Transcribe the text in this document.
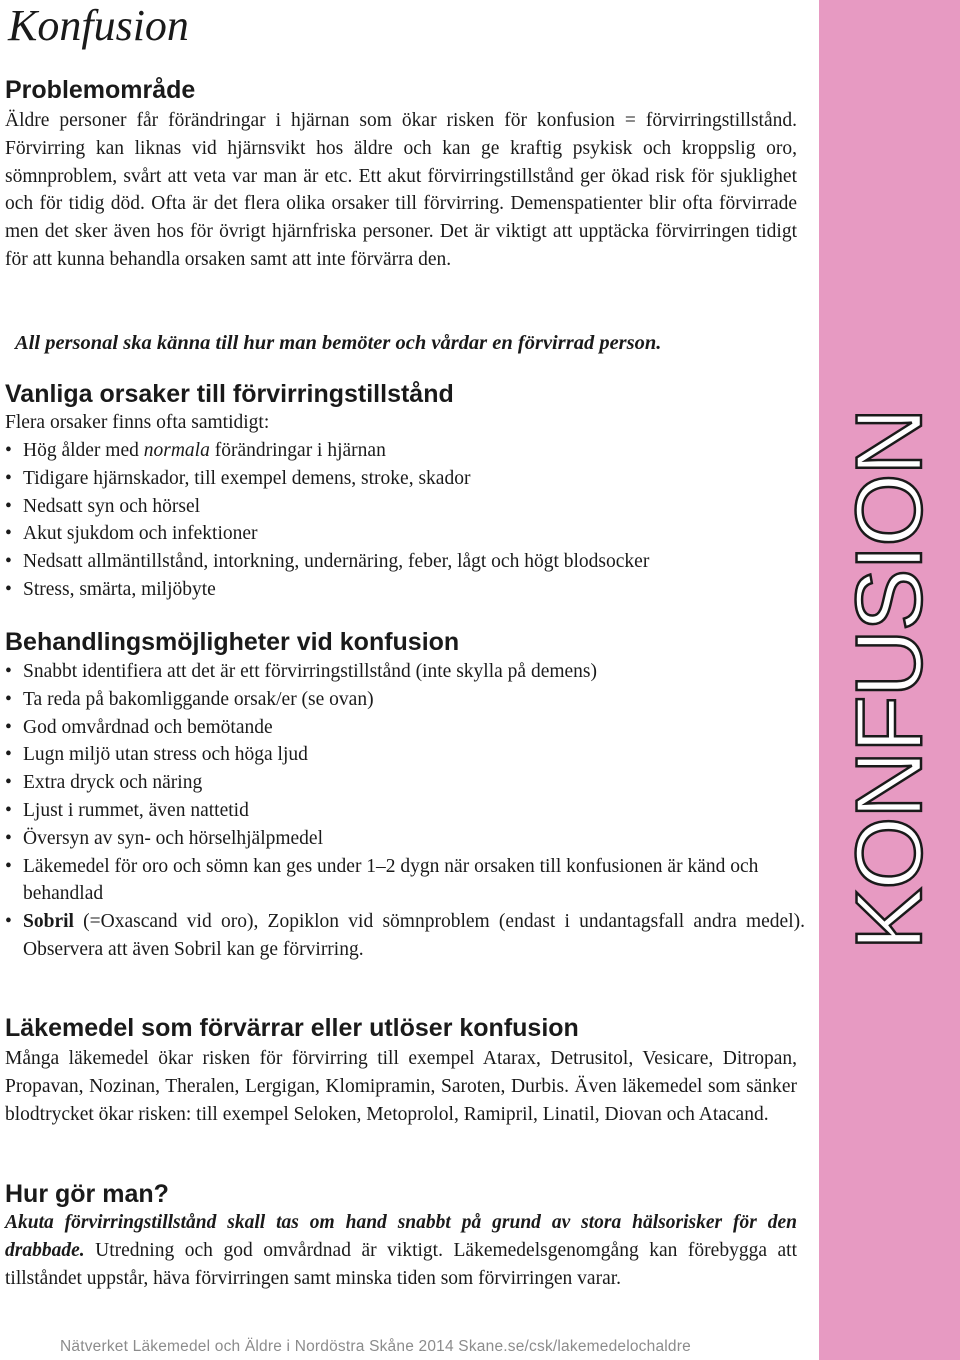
KONFUSION
Konfusion
Problemområde

Äldre personer får förändringar i hjärnan som ökar risken för konfusion = förvirringstillstånd. Förvirring kan liknas vid hjärnsvikt hos äldre och kan ge kraftig psykisk och kroppslig oro, sömnproblem, svårt att veta var man är etc. Ett akut förvirringstillstånd ger ökad risk för sjuklighet och för tidig död. Ofta är det flera olika orsaker till förvirring. Demenspatienter blir ofta förvirrade men det sker även hos för övrigt hjärnfriska personer. Det är viktigt att upptäcka förvirringen tidigt för att kunna behandla orsaken samt att inte förvärra den.

All personal ska känna till hur man bemöter och vårdar en förvirrad person.

Vanliga orsaker till förvirringstillstånd

Flera orsaker finns ofta samtidigt:

• Hög ålder med normala förändringar i hjärnan
• Tidigare hjärnskador, till exempel demens, stroke, skador
• Nedsatt syn och hörsel
• Akut sjukdom och infektioner
• Nedsatt allmäntillstånd, intorkning, undernäring, feber, lågt och högt blodsocker
• Stress, smärta, miljöbyte
Behandlingsmöjligheter vid konfusion
• Snabbt identifiera att det är ett förvirringstillstånd (inte skylla på demens)
• Ta reda på bakomliggande orsak/er (se ovan)
• God omvårdnad och bemötande
• Lugn miljö utan stress och höga ljud
• Extra dryck och näring
• Ljust i rummet, även nattetid
• Översyn av syn- och hörselhjälpmedel
• Läkemedel för oro och sömn kan ges under 1–2 dygn när orsaken till konfusionen är känd och behandlad
• Sobril (=Oxascand vid oro), Zopiklon vid sömnproblem (endast i undantagsfall andra medel). Observera att även Sobril kan ge förvirring.
Läkemedel som förvärrar eller utlöser konfusion

Många läkemedel ökar risken för förvirring till exempel Atarax, Detrusitol, Vesicare, Ditropan, Propavan, Nozinan, Theralen, Lergigan, Klomipramin, Saroten, Durbis. Även läkemedel som sänker blodtrycket ökar risken: till exempel Seloken, Metoprolol, Ramipril, Linatil, Diovan och Atacand.

Hur gör man?

Akuta förvirringstillstånd skall tas om hand snabbt på grund av stora hälsorisker för den drabbade. Utredning och god omvårdnad är viktigt. Läkemedelsgenomgång kan förebygga att tillståndet uppstår, häva förvirringen samt minska tiden som förvirringen varar.

Nätverket Läkemedel och Äldre i Nordöstra Skåne 2014 Skane.se/csk/lakemedelochaldre
